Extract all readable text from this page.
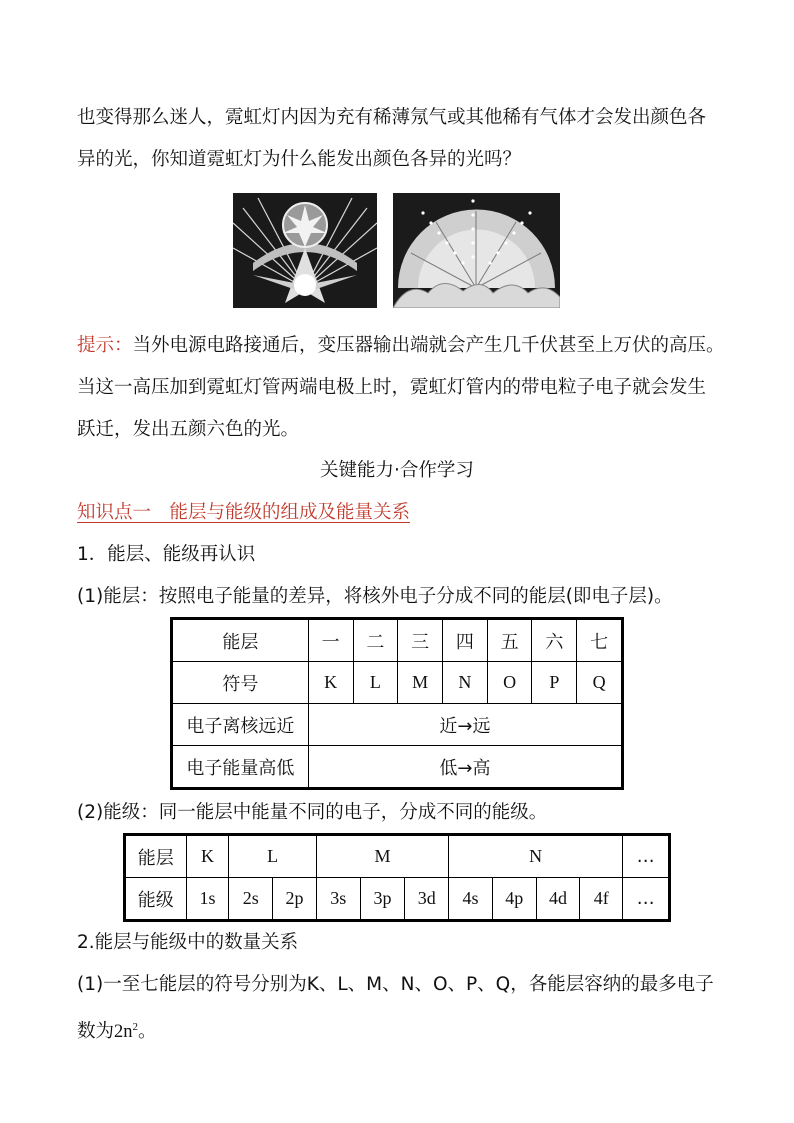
也变得那么迷人，霓虹灯内因为充有稀薄氖气或其他稀有气体才会发出颜色各
异的光，你知道霓虹灯为什么能发出颜色各异的光吗？
提示：当外电源电路接通后，变压器输出端就会产生几千伏甚至上万伏的高压。
当这一高压加到霓虹灯管两端电极上时，霓虹灯管内的带电粒子电子就会发生
跃迁，发出五颜六色的光。
关键能力·合作学习
知识点一　能层与能级的组成及能量关系
1．能层、能级再认识
(1)能层：按照电子能量的差异，将核外电子分成不同的能层(即电子层)。
能层	一	二	三	四	五	六	七
符号	K	L	M	N	O	P	Q
电子离核远近	近→远						
电子能量高低	低→高						
(2)能级：同一能层中能量不同的电子，分成不同的能级。
能层	K	L		M			N				…
能级	1s	2s	2p	3s	3p	3d	4s	4p	4d	4f	…
2.能层与能级中的数量关系
(1)一至七能层的符号分别为K、L、M、N、O、P、Q，各能层容纳的最多电子
数为$2n^2$。
